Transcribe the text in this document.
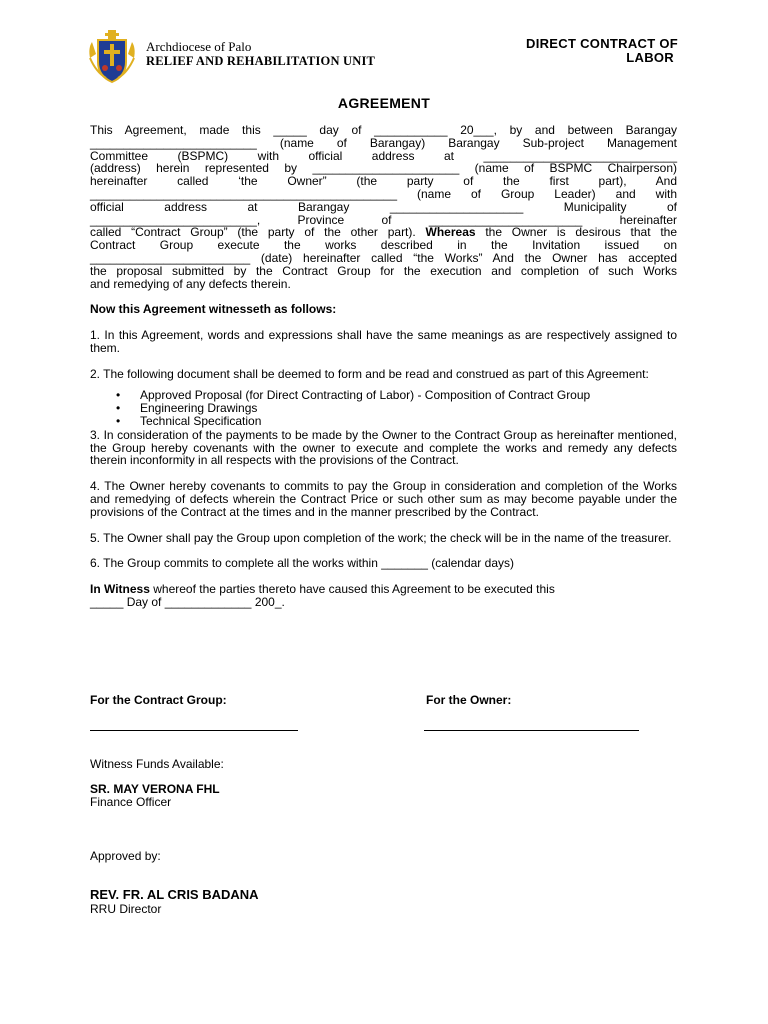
Archdiocese of Palo
RELIEF AND REHABILITATION UNIT
DIRECT CONTRACT OF
LABOR
AGREEMENT

This Agreement, made this _____ day of ___________ 20___, by and between Barangay

_________________________ (name of Barangay) Barangay Sub-project Management

Committee (BSPMC) with official address at _____________________________

(address) herein represented by ______________________ (name of BSPMC Chairperson)

hereinafter called ‘the Owner” (the party of the first part), And

______________________________________________ (name of Group Leader) and with

official address at Barangay ____________________ Municipality of

_________________________, Province of _______________________ hereinafter

called “Contract Group” (the party of the other part). Whereas the Owner is desirous that the

Contract Group execute the works described in the Invitation issued on

________________________ (date) hereinafter called “the Works” And the Owner has accepted

the proposal submitted by the Contract Group for the execution and completion of such Works

and remedying of any defects therein.

Now this Agreement witnesseth as follows:

1. In this Agreement, words and expressions shall have the same meanings as are respectively assigned to them.

2. The following document shall be deemed to form and be read and construed as part of this Agreement:

• Approved Proposal (for Direct Contracting of Labor) - Composition of Contract Group
• Engineering Drawings
• Technical Specification

3. In consideration of the payments to be made by the Owner to the Contract Group as hereinafter mentioned, the Group hereby covenants with the owner to execute and complete the works and remedy any defects therein inconformity in all respects with the provisions of the Contract.

4. The Owner hereby covenants to commits to pay the Group in consideration and completion of the Works and remedying of defects wherein the Contract Price or such other sum as may become payable under the provisions of the Contract at the times and in the manner prescribed by the Contract.

5. The Owner shall pay the Group upon completion of the work; the check will be in the name of the treasurer.

6. The Group commits to complete all the works within _______ (calendar days)

In Witness whereof the parties thereto have caused this Agreement to be executed this

_____ Day of _____________ 200_.

For the Contract Group:	For the Owner:
Witness Funds Available:
SR. MAY VERONA FHL
Finance Officer
Approved by:
REV. FR. AL CRIS BADANA
RRU Director
